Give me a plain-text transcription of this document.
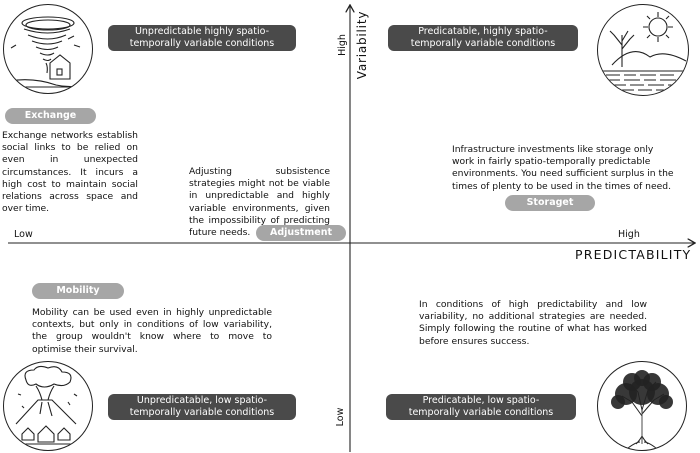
Low	High
PREDICTABILITY
Variability
High
Low
Unpredictable highly spatio-
temporally variable conditions
Predicatable, highly spatio-
temporally variable conditions
Unpredicatable, low spatio-
temporally variable conditions
Predicatable, low spatio-
temporally variable conditions
Exchange
Adjustment
Storaget
Mobility
Exchange networks establish social links to be relied on even in unexpected circumstances. It incurs a high cost to maintain social relations across space and over time.
Adjusting subsistence strategies might not be viable in unpredictable and highly variable environments, given the impossibility of predicting future needs.
Infrastructure investments like storage only work in fairly spatio-temporally predictable environments. You need sufficient surplus in the times of plenty to be used in the times of need.
Mobility can be used even in highly unpredictable contexts, but only in conditions of low variability, the group wouldn't know where to move to optimise their survival.
In conditions of high predictability and low variability, no additional strategies are needed. Simply following the routine of what has worked before ensures success.
